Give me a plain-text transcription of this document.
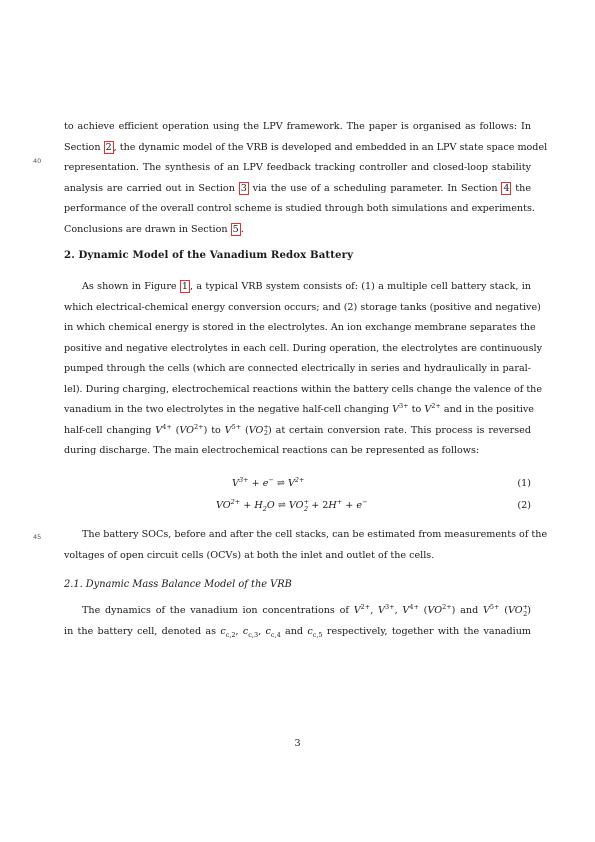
40
45
to achieve efficient operation using the LPV framework. The paper is organised as follows: In
Section 2 , the dynamic model of the VRB is developed and embedded in an LPV state space model
representation. The synthesis of an LPV feedback tracking controller and closed-loop stability
analysis are carried out in Section 3 via the use of a scheduling parameter. In Section 4 the
performance of the overall control scheme is studied through both simulations and experiments.
Conclusions are drawn in Section 5 .
2. Dynamic Model of the Vanadium Redox Battery
As shown in Figure 1 , a typical VRB system consists of: (1) a multiple cell battery stack, in
which electrical-chemical energy conversion occurs; and (2) storage tanks (positive and negative)
in which chemical energy is stored in the electrolytes. An ion exchange membrane separates the
positive and negative electrolytes in each cell. During operation, the electrolytes are continuously
pumped through the cells (which are connected electrically in series and hydraulically in paral-
lel). During charging, electrochemical reactions within the battery cells change the valence of the
vanadium in the two electrolytes in the negative half-cell changing $V^{3+}$ to $V^{2+}$ and in the positive
half-cell changing $V^{4+}$ $(VO^{2+})$ to $V^{5+}$ $(VO^+_2)$ at certain conversion rate. This process is reversed
during discharge. The main electrochemical reactions can be represented as follows:
$V^{3+} + e^-$ ⇌ $V^{2+}$	(1)
$VO^{2+} + H_2O$ ⇌ $VO^+_2 + 2H^+ + e^-$	(2)
The battery SOCs, before and after the cell stacks, can be estimated from measurements of the
voltages of open circuit cells (OCVs) at both the inlet and outlet of the cells.
2.1. Dynamic Mass Balance Model of the VRB
The dynamics of the vanadium ion concentrations of $V^{2+}$, $V^{3+}$, $V^{4+}$ $(VO^{2+})$ and $V^{5+}$ $(VO^+_2)$
in the battery cell, denoted as $c_{c,2}$, $c_{c,3}$, $c_{c,4}$ and $c_{c,5}$ respectively, together with the vanadium
3
